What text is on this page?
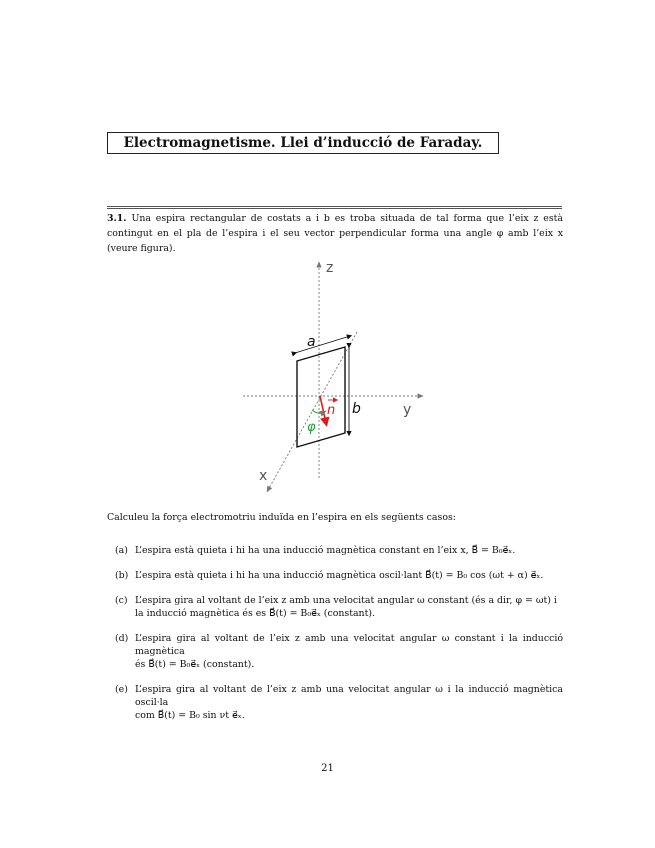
Electromagnetisme. Llei d’inducció de Faraday.
3.1. Una espira rectangular de costats a i b es troba situada de tal forma que l’eix z està contingut en el pla de l’espira i el seu vector perpendicular forma una angle φ amb l’eix x (veure figura).
z
y
x
a
b
n
φ
Calculeu la força electromotriu induïda en l’espira en els següents casos:
(a) L’espira està quieta i hi ha una inducció magnètica constant en l’eix x, B⃗ = B₀e⃗ₓ.
(b) L’espira està quieta i hi ha una inducció magnètica oscil·lant B⃗(t) = B₀ cos (ωt + α) e⃗ₓ.
(c) L’espira gira al voltant de l’eix z amb una velocitat angular ω constant (és a dir, φ = ωt) i
la inducció magnètica és es B⃗(t) = B₀e⃗ₓ (constant).
(d) L’espira gira al voltant de l’eix z amb una velocitat angular ω constant i la inducció magnètica
és B⃗(t) = B₀e⃗ₓ (constant).
(e) L’espira gira al voltant de l’eix z amb una velocitat angular ω i la inducció magnètica oscil·la
com B⃗(t) = B₀ sin νt e⃗ₓ.
21
